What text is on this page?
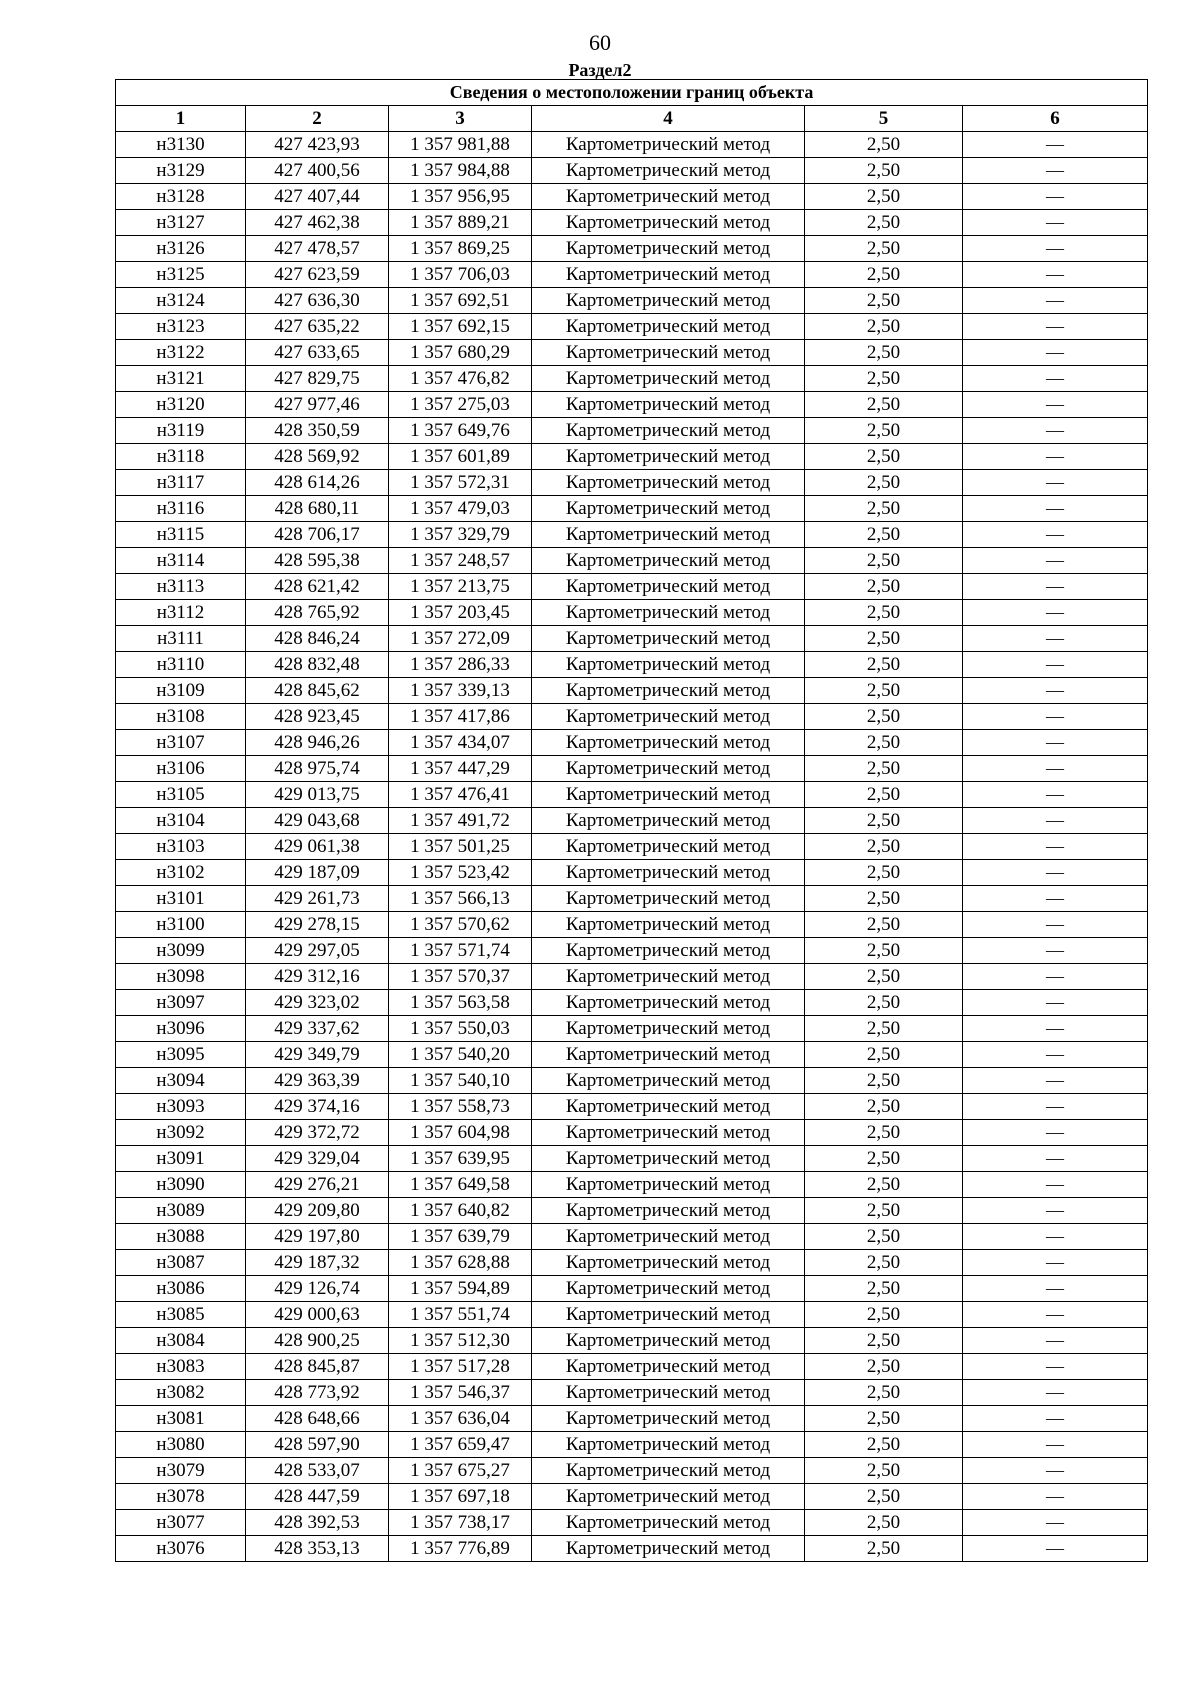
60
Раздел2
Сведения о местоположении границ объекта					
1	2	3	4	5	6
н3130	427 423,93	1 357 981,88	Картометрический метод	2,50	—
н3129	427 400,56	1 357 984,88	Картометрический метод	2,50	—
н3128	427 407,44	1 357 956,95	Картометрический метод	2,50	—
н3127	427 462,38	1 357 889,21	Картометрический метод	2,50	—
н3126	427 478,57	1 357 869,25	Картометрический метод	2,50	—
н3125	427 623,59	1 357 706,03	Картометрический метод	2,50	—
н3124	427 636,30	1 357 692,51	Картометрический метод	2,50	—
н3123	427 635,22	1 357 692,15	Картометрический метод	2,50	—
н3122	427 633,65	1 357 680,29	Картометрический метод	2,50	—
н3121	427 829,75	1 357 476,82	Картометрический метод	2,50	—
н3120	427 977,46	1 357 275,03	Картометрический метод	2,50	—
н3119	428 350,59	1 357 649,76	Картометрический метод	2,50	—
н3118	428 569,92	1 357 601,89	Картометрический метод	2,50	—
н3117	428 614,26	1 357 572,31	Картометрический метод	2,50	—
н3116	428 680,11	1 357 479,03	Картометрический метод	2,50	—
н3115	428 706,17	1 357 329,79	Картометрический метод	2,50	—
н3114	428 595,38	1 357 248,57	Картометрический метод	2,50	—
н3113	428 621,42	1 357 213,75	Картометрический метод	2,50	—
н3112	428 765,92	1 357 203,45	Картометрический метод	2,50	—
н3111	428 846,24	1 357 272,09	Картометрический метод	2,50	—
н3110	428 832,48	1 357 286,33	Картометрический метод	2,50	—
н3109	428 845,62	1 357 339,13	Картометрический метод	2,50	—
н3108	428 923,45	1 357 417,86	Картометрический метод	2,50	—
н3107	428 946,26	1 357 434,07	Картометрический метод	2,50	—
н3106	428 975,74	1 357 447,29	Картометрический метод	2,50	—
н3105	429 013,75	1 357 476,41	Картометрический метод	2,50	—
н3104	429 043,68	1 357 491,72	Картометрический метод	2,50	—
н3103	429 061,38	1 357 501,25	Картометрический метод	2,50	—
н3102	429 187,09	1 357 523,42	Картометрический метод	2,50	—
н3101	429 261,73	1 357 566,13	Картометрический метод	2,50	—
н3100	429 278,15	1 357 570,62	Картометрический метод	2,50	—
н3099	429 297,05	1 357 571,74	Картометрический метод	2,50	—
н3098	429 312,16	1 357 570,37	Картометрический метод	2,50	—
н3097	429 323,02	1 357 563,58	Картометрический метод	2,50	—
н3096	429 337,62	1 357 550,03	Картометрический метод	2,50	—
н3095	429 349,79	1 357 540,20	Картометрический метод	2,50	—
н3094	429 363,39	1 357 540,10	Картометрический метод	2,50	—
н3093	429 374,16	1 357 558,73	Картометрический метод	2,50	—
н3092	429 372,72	1 357 604,98	Картометрический метод	2,50	—
н3091	429 329,04	1 357 639,95	Картометрический метод	2,50	—
н3090	429 276,21	1 357 649,58	Картометрический метод	2,50	—
н3089	429 209,80	1 357 640,82	Картометрический метод	2,50	—
н3088	429 197,80	1 357 639,79	Картометрический метод	2,50	—
н3087	429 187,32	1 357 628,88	Картометрический метод	2,50	—
н3086	429 126,74	1 357 594,89	Картометрический метод	2,50	—
н3085	429 000,63	1 357 551,74	Картометрический метод	2,50	—
н3084	428 900,25	1 357 512,30	Картометрический метод	2,50	—
н3083	428 845,87	1 357 517,28	Картометрический метод	2,50	—
н3082	428 773,92	1 357 546,37	Картометрический метод	2,50	—
н3081	428 648,66	1 357 636,04	Картометрический метод	2,50	—
н3080	428 597,90	1 357 659,47	Картометрический метод	2,50	—
н3079	428 533,07	1 357 675,27	Картометрический метод	2,50	—
н3078	428 447,59	1 357 697,18	Картометрический метод	2,50	—
н3077	428 392,53	1 357 738,17	Картометрический метод	2,50	—
н3076	428 353,13	1 357 776,89	Картометрический метод	2,50	—
